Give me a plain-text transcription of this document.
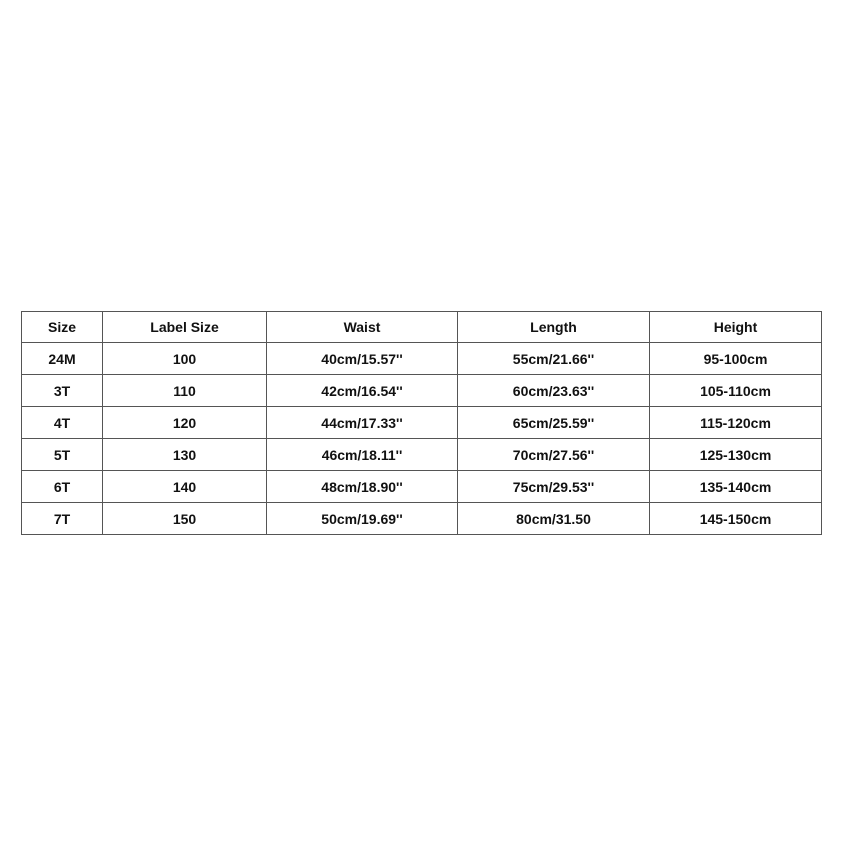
Size	Label Size	Waist	Length	Height
24M	100	40cm/15.57''	55cm/21.66''	95-100cm
3T	110	42cm/16.54''	60cm/23.63''	105-110cm
4T	120	44cm/17.33''	65cm/25.59''	115-120cm
5T	130	46cm/18.11''	70cm/27.56''	125-130cm
6T	140	48cm/18.90''	75cm/29.53''	135-140cm
7T	150	50cm/19.69''	80cm/31.50	145-150cm
